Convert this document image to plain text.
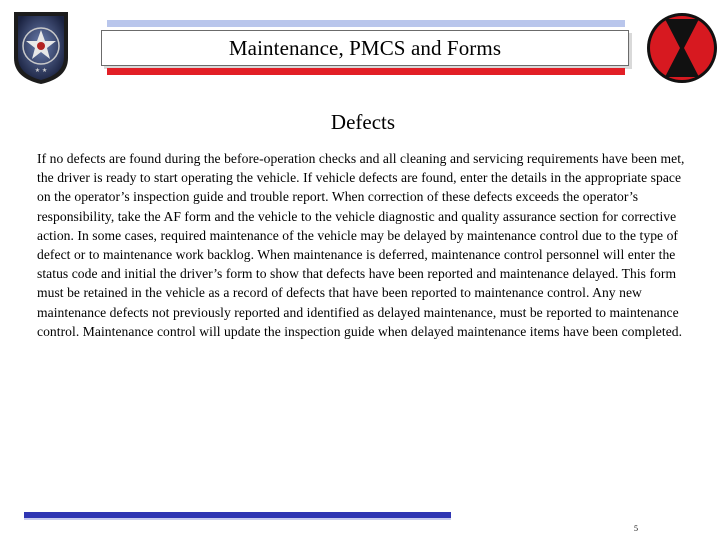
★ ★
Maintenance, PMCS and Forms
Defects
If no defects are found during the before-operation checks and all cleaning and servicing requirements have been met, the driver is ready to start operating the vehicle. If vehicle defects are found, enter the details in the appropriate space on the operator’s inspection guide and trouble report. When correction of these defects exceeds the operator’s responsibility, take the AF form and the vehicle to the vehicle diagnostic and quality assurance section for corrective action. In some cases, required maintenance of the vehicle may be delayed by maintenance control due to the type of defect or to maintenance work backlog. When maintenance is deferred, maintenance control personnel will enter the status code and initial the driver’s form to show that defects have been reported and maintenance delayed. This form must be retained in the vehicle as a record of defects that have been reported to maintenance control. Any new maintenance defects not previously reported and identified as delayed maintenance, must be reported to maintenance control. Maintenance control will update the inspection guide when delayed maintenance items have been completed.
5
